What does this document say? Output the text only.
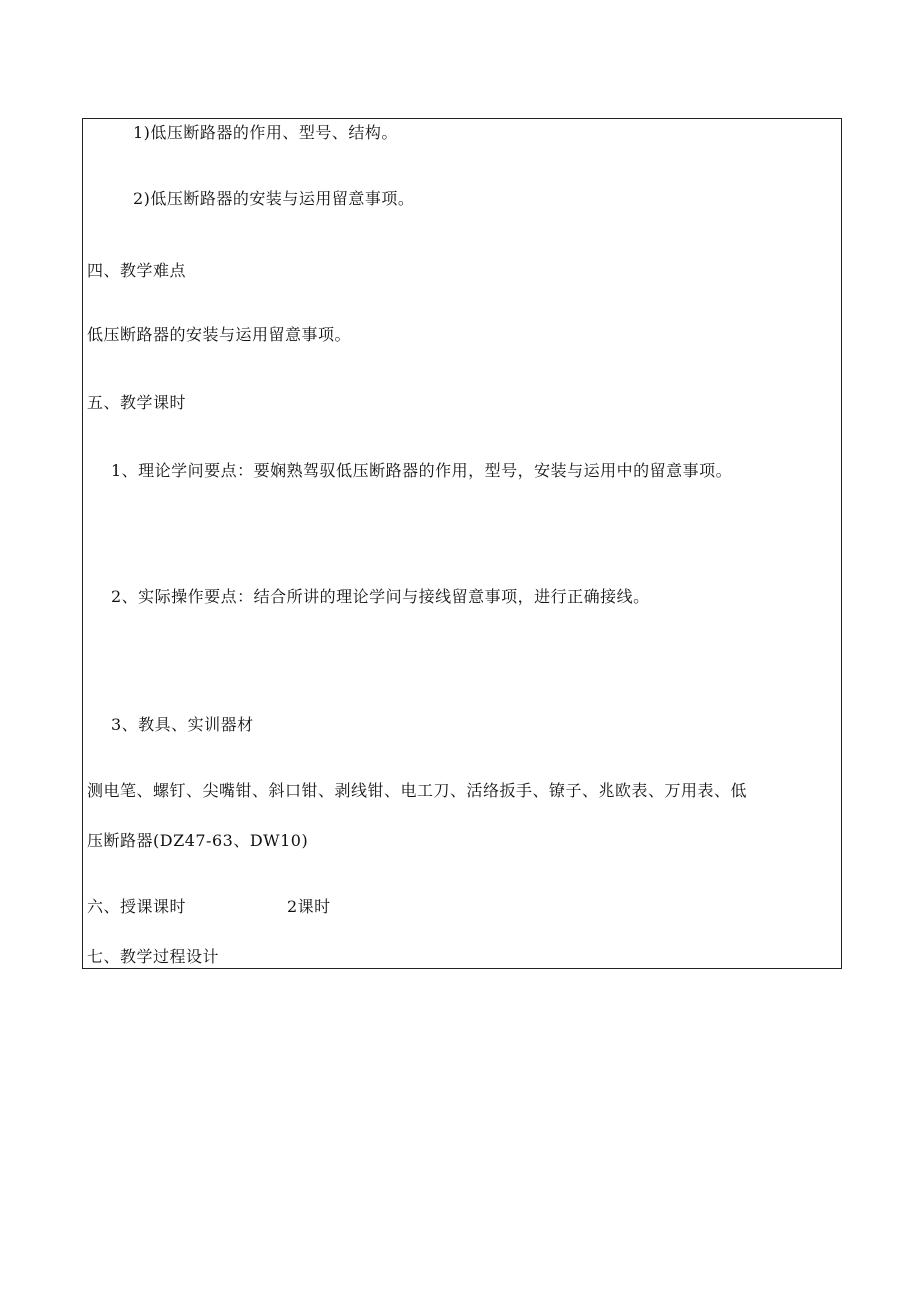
1)低压断路器的作用、型号、结构。
2)低压断路器的安装与运用留意事项。
四、教学难点
低压断路器的安装与运用留意事项。
五、教学课时
1、理论学问要点：要娴熟驾驭低压断路器的作用，型号，安装与运用中的留意事项。
2、实际操作要点：结合所讲的理论学问与接线留意事项，进行正确接线。
3、教具、实训器材
测电笔、螺钉、尖嘴钳、斜口钳、剥线钳、电工刀、活络扳手、镣子、兆欧表、万用表、低
压断路器(DZ47-63、DW10)
六、授课课时	2课时
七、教学过程设计
